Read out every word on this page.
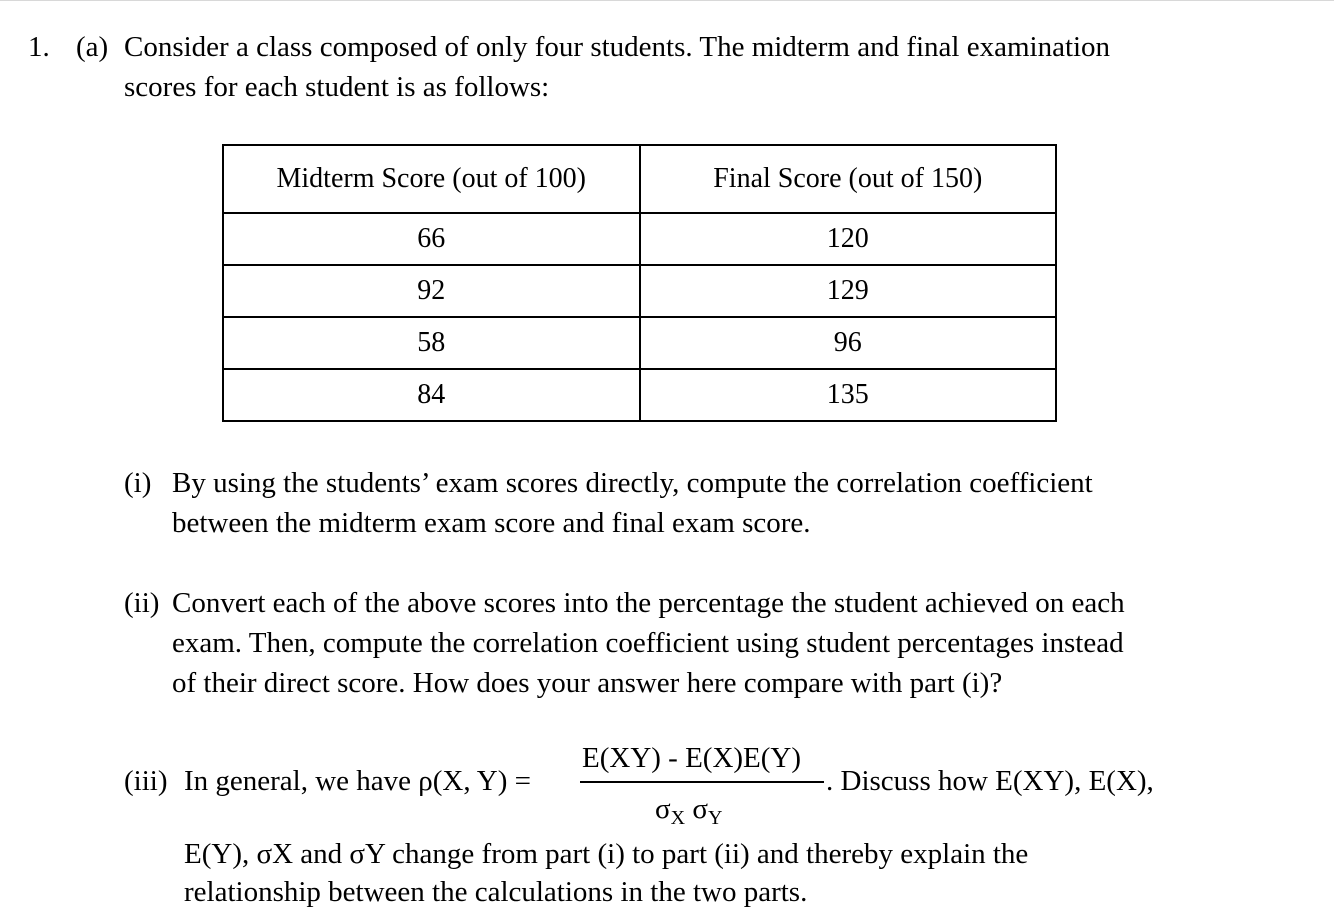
1. (a) Consider a class composed of only four students. The midterm and final examination
scores for each student is as follows:
Midterm Score (out of 100)	Final Score (out of 150)
66	120
92	129
58	96
84	135
(i) By using the students’ exam scores directly, compute the correlation coefficient
between the midterm exam score and final exam score.
(ii) Convert each of the above scores into the percentage the student achieved on each
exam. Then, compute the correlation coefficient using student percentages instead
of their direct score. How does your answer here compare with part (i)?
(iii) In general, we have ρ(X, Y) =
E(XY) - E(X)E(Y)
$\sigma_X$ $\sigma_Y$
. Discuss how E(XY), E(X),
E(Y), σX and σY change from part (i) to part (ii) and thereby explain the
relationship between the calculations in the two parts.
